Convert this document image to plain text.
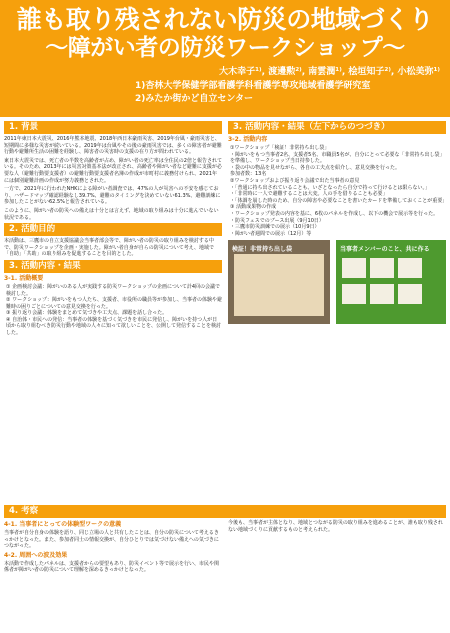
誰も取り残されない防災の地域づくり
～障がい者の防災ワークショップ～
大木幸子¹⁾, 渡邊勲²⁾, 南雲潤¹⁾, 桧垣知子²⁾, 小松美弥¹⁾
1)杏林大学保健学部看護学科看護学専攻地域看護学研究室
2)みたか街かど自立センター
1. 背景

2011年東日本大震災、2016年熊本地震、2018年西日本豪雨災害、2019年台風・豪雨災害と、短期間に多様な災害が続いている。2019年は台風やその後の豪雨災害では、多くの障害者が避難行動や避難所生活の困難を経験し、障害者の災害時の支援の在り方が問われている。

東日本大震災では、死亡者の半数を高齢者が占め、障がい者の死亡率は全住民の2倍と報告されている。そのため、2013年には災害対策基本法が改正され、高齢者や障がい者など避難に支援が必要な人（避難行動要支援者）の避難行動要支援者名簿の作成が市町村に義務付けられ、2021年には個別避難計画の作成が努力義務とされた。

一方で、2021年に行われたNHKによる障がい者調査では、47%の人が災害への不安を感じており、ハザードマップ確認経験なし39.7%、避難のタイミングを決めていない61.3%、避難訓練に参加したことがない62.5%と報告されている。

このように、障がい者の防災への備えは十分とは言えず、地域の取り組みは十分に進んでいない状況である。

2. 活動目的

本活動は、三鷹市の自立支援協議会当事者部会等で、障がい者の防災の取り組みを検討する中で、防災ワークショップを企画・実施した。障がい者自身が自らの防災について考え、地域で「自助」「共助」の取り組みを促進することを目的とした。

3. 活動内容・結果
3-1. 活動概要
① 企画検討会議：障がいのある人が実践する防災ワークショップの企画について計4回の会議で検討した。
② ワークショップ：障がいをもつ人たち、支援者、市役所の職員等が参加し、当事者の体験や避難時の困りごとについての意見交換を行った。
③ 振り返り会議：体験をまとめて気づきや工夫点、課題を話し合った。
④ 自治体・市民への発信：当事者の体験を基づく気づきを市民に発信し、障がいを持つ人が日頃から取り組むべき防災行動や地域の人々に知って欲しいことを、公開して発信することを検討した。
3. 活動内容・結果（左下からのつづき）
3-2. 活動内容
①ワークショップ「検証！非常持ち出し袋」
・障がいをもつ当事者2名、支援者5名、市職員5名が、自分にとって必要な「非常持ち出し袋」を準備し、ワークショップ当日持参した。
・袋の中の物品を見せながら、各自の工夫点を紹介し、意見交換を行った。
参加者数：13名
②ワークショップおよび振り返り会議で出た当事者の意見
・「普通に持ち出されていることも、いざとなったら自分で持って行けるとは限らない。」
・「非常時に一人で避難することは大変。人の手を借りることも必要」
・「体調を崩した時のため、自分の障害や必要なことを書いたカードを準備しておくことが重要」
③ 活動成果物の作成
・ワークショップ発表の内容を基に、6枚のパネルを作成し、以下の機会で展示等を行った。
・防災フェスでのブース出展（9月10日）
・三鷹市防災訓練での展示（10月9日）
・障がい者週間での展示（12月）等
検証！非常持ち出し袋	当事者メンバーのこと、共に作る
4. 考察
4-1. 当事者にとっての体験型ワークの意義

当事者が自分自身の体験を語り、同じ立場の人と共有したことは、自分の防災について考えるきっかけとなった。また、参加者同士の情報交換が、自分ひとりでは気づけない備えへの気づきにつながった。

4-2. 周囲への波及効果

本活動で作成したパネルは、支援者からの要望もあり、防災イベント等で展示を行い、市民や関係者が障がい者の防災について理解を深めるきっかけとなった。

今後も、当事者が主体となり、地域とつながる防災の取り組みを進めることが、誰も取り残されない地域づくりに貢献するものと考えられた。
